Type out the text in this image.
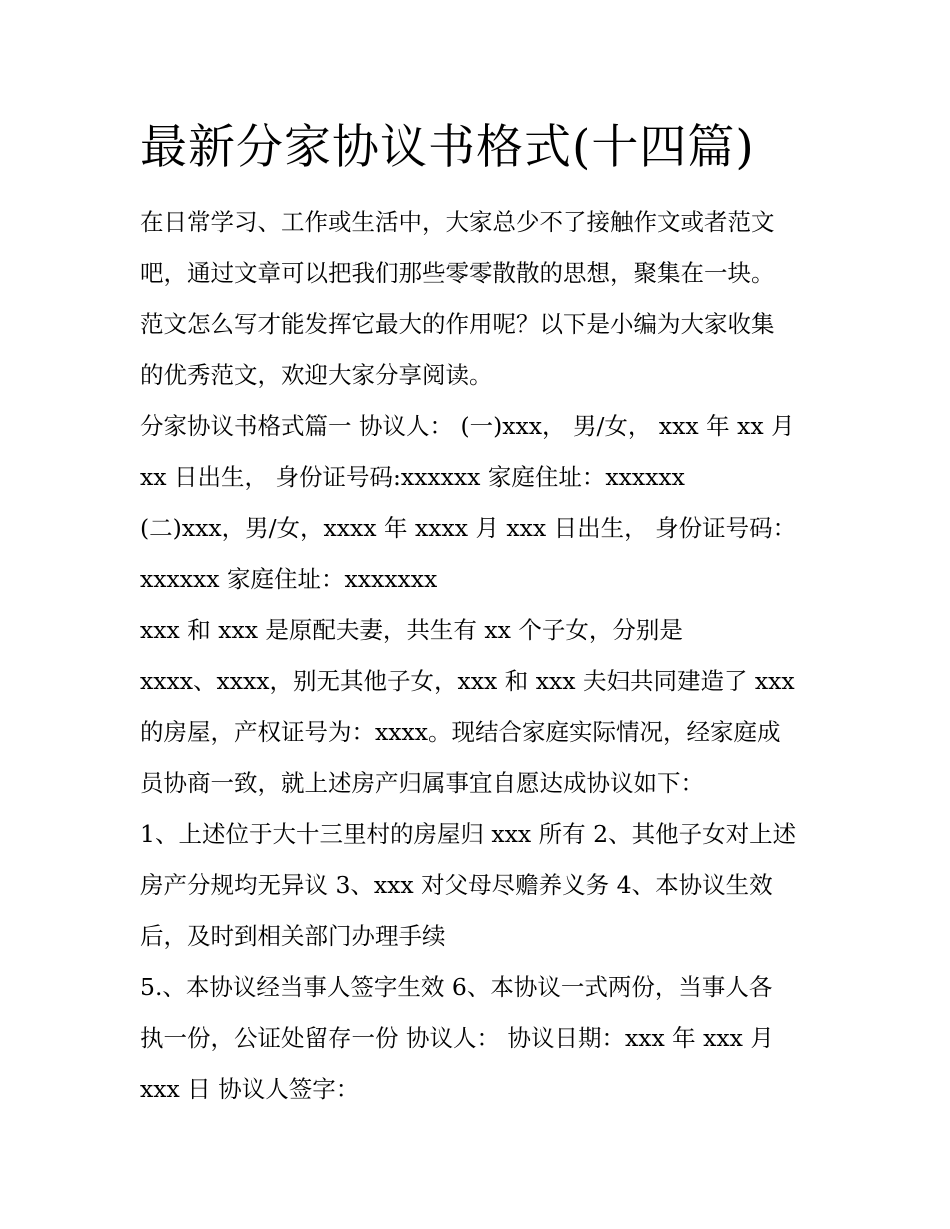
最新分家协议书格式(十四篇)
在日常学习、工作或生活中，大家总少不了接触作文或者范文
吧，通过文章可以把我们那些零零散散的思想，聚集在一块。
范文怎么写才能发挥它最大的作用呢？以下是小编为大家收集
的优秀范文，欢迎大家分享阅读。
分家协议书格式篇一 协议人： (一)xxx， 男/女， xxx 年 xx 月
xx 日出生， 身份证号码:xxxxxx 家庭住址：xxxxxx
(二)xxx，男/女，xxxx 年 xxxx 月 xxx 日出生， 身份证号码：
xxxxxx 家庭住址：xxxxxxx
xxx 和 xxx 是原配夫妻，共生有 xx 个子女，分别是
xxxx、xxxx，别无其他子女，xxx 和 xxx 夫妇共同建造了 xxx
的房屋，产权证号为：xxxx。现结合家庭实际情况，经家庭成
员协商一致，就上述房产归属事宜自愿达成协议如下：
1、上述位于大十三里村的房屋归 xxx 所有 2、其他子女对上述
房产分规均无异议 3、xxx 对父母尽赡养义务 4、本协议生效
后，及时到相关部门办理手续
5.、本协议经当事人签字生效 6、本协议一式两份，当事人各
执一份，公证处留存一份 协议人： 协议日期：xxx 年 xxx 月
xxx 日 协议人签字：
